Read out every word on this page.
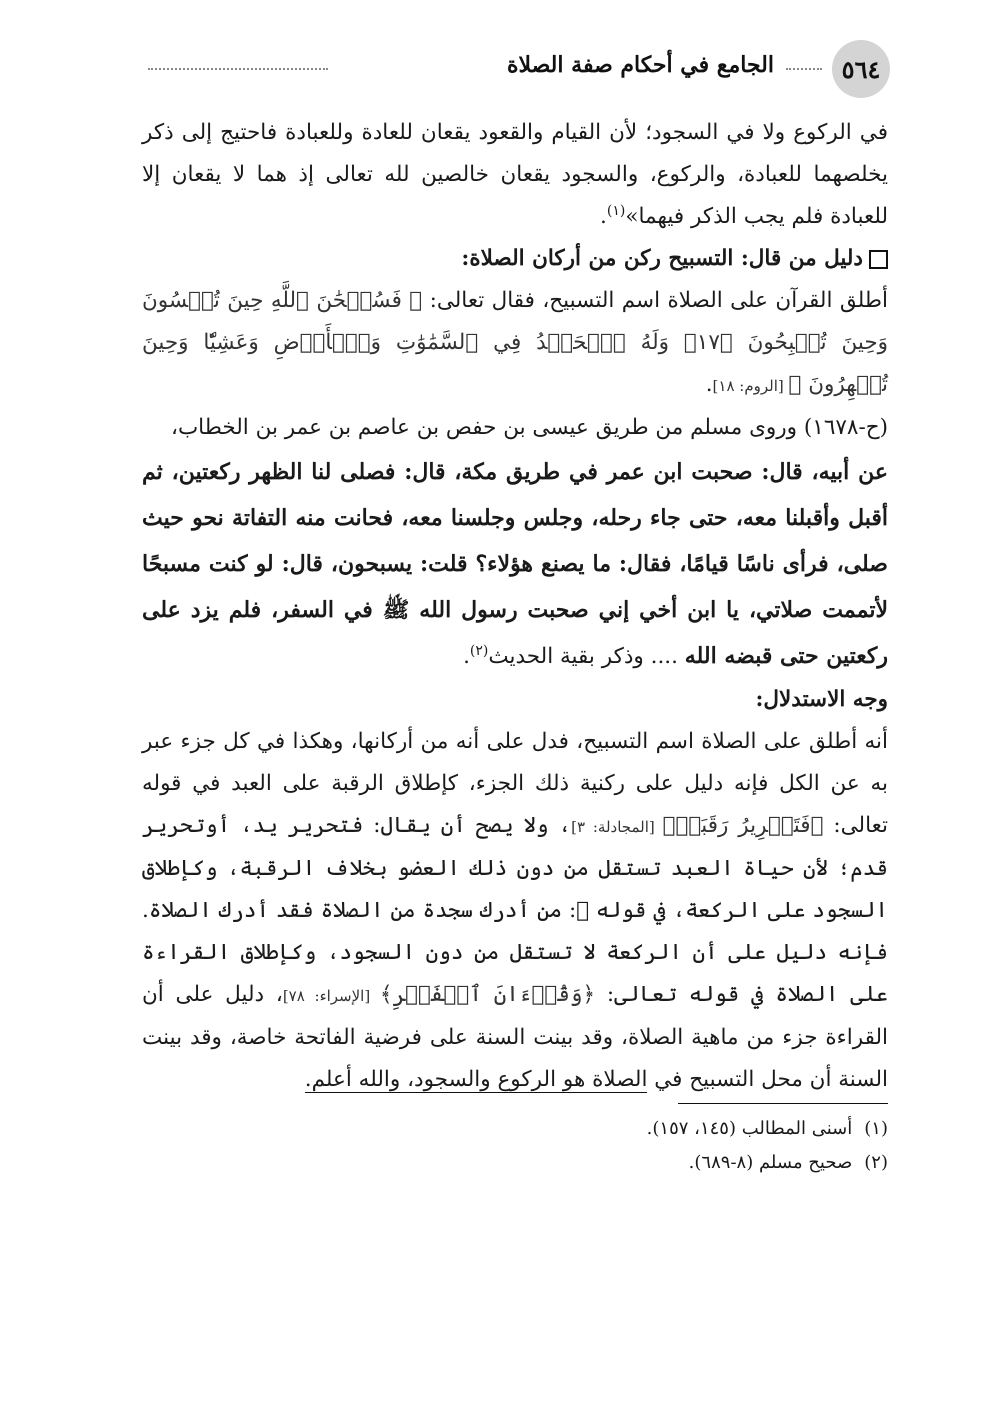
٥٦٤
الجامع في أحكام صفة الصلاة

في الركوع ولا في السجود؛ لأن القيام والقعود يقعان للعادة وللعبادة فاحتيج إلى ذكر يخلصهما للعبادة، والركوع، والسجود يقعان خالصين لله تعالى إذ هما لا يقعان إلا للعبادة فلم يجب الذكر فيهما»$^{(١)}$.

دليل من قال: التسبيح ركن من أركان الصلاة:

أطلق القرآن على الصلاة اسم التسبيح، فقال تعالى: ﴿ فَسُبۡحَٰنَ ٱللَّهِ حِينَ تُمۡسُونَ وَحِينَ تُصۡبِحُونَ ﴿١٧﴾ وَلَهُ ٱلۡحَمۡدُ فِي ٱلسَّمَٰوَٰتِ وَٱلۡأَرۡضِ وَعَشِيّٗا وَحِينَ تُظۡهِرُونَ ﴾ [الروم: ١٨].

(ح-١٦٧٨) وروى مسلم من طريق عيسى بن حفص بن عاصم بن عمر بن الخطاب،

عن أبيه، قال: صحبت ابن عمر في طريق مكة، قال: فصلى لنا الظهر ركعتين، ثم أقبل وأقبلنا معه، حتى جاء رحله، وجلس وجلسنا معه، فحانت منه التفاتة نحو حيث صلى، فرأى ناسًا قيامًا، فقال: ما يصنع هؤلاء؟ قلت: يسبحون، قال: لو كنت مسبحًا لأتممت صلاتي، يا ابن أخي إني صحبت رسول الله ﷺ في السفر، فلم يزد على ركعتين حتى قبضه الله .... وذكر بقية الحديث$^{(٢)}$.

وجه الاستدلال:

أنه أطلق على الصلاة اسم التسبيح، فدل على أنه من أركانها، وهكذا في كل جزء عبر به عن الكل فإنه دليل على ركنية ذلك الجزء، كإطلاق الرقبة على العبد في قوله تعالى: ﴿فَتَحۡرِيرُ رَقَبَةٖ﴾ [المجادلة: ٣]، ولا يصح أن يقال: فتحرير يد، أوتحرير قدم؛ لأن حياة العبد تستقل من دون ذلك العضو بخلاف الرقبة، وكإطلاق السجود على الركعة، في قوله ﷺ: من أدرك سجدة من الصلاة فقد أدرك الصلاة. فإنه دليل على أن الركعة لا تستقل من دون السجود، وكإطلاق القراءة على الصلاة في قوله تعالى: ﴿وَقُرۡءَانَ ٱلۡفَجۡرِ﴾ [الإسراء: ٧٨]، دليل على أن القراءة جزء من ماهية الصلاة، وقد بينت السنة على فرضية الفاتحة خاصة، وقد بينت السنة أن محل التسبيح في الصلاة هو الركوع والسجود، والله أعلم.

(١)أسنى المطالب (١٤٥، ١٥٧).
(٢)صحيح مسلم (٨-٦٨٩).
